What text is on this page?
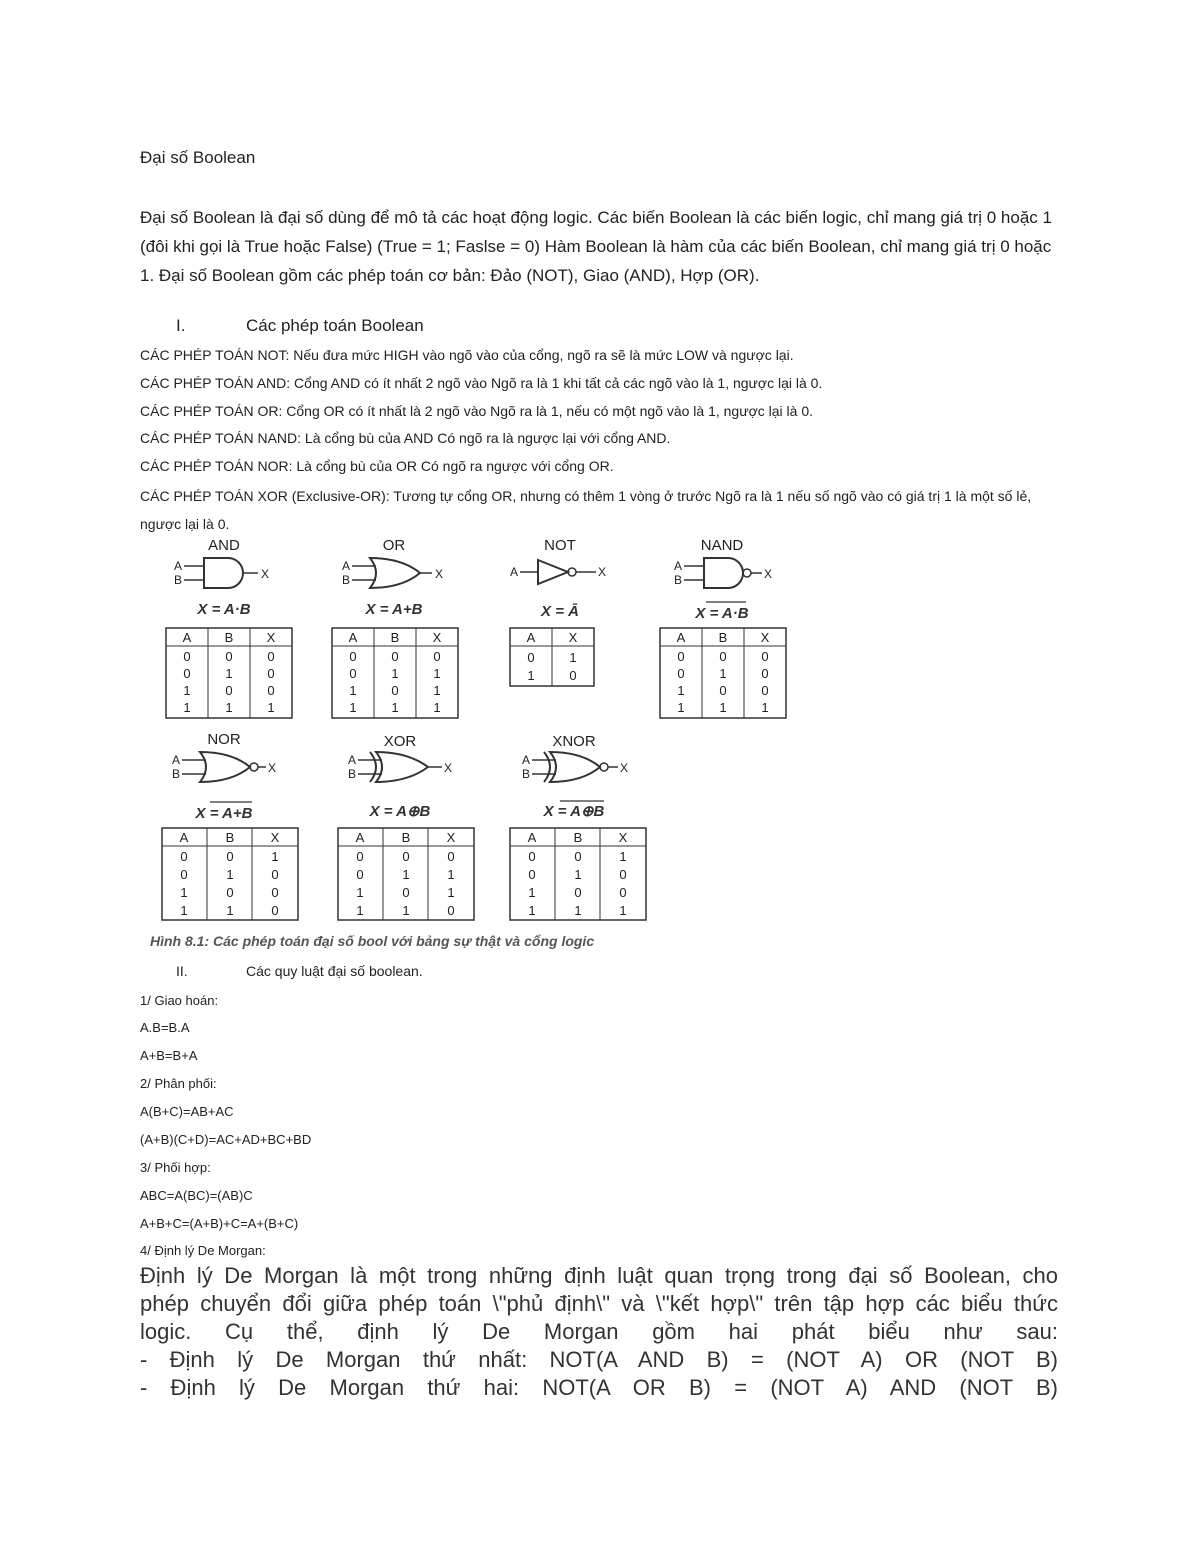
Đại số Boolean
Đại số Boolean là đại số dùng để mô tả các hoạt động logic. Các biến Boolean là các biến logic, chỉ mang giá trị 0 hoặc 1 (đôi khi gọi là True hoặc False) (True = 1; Faslse = 0) Hàm Boolean là hàm của các biến Boolean, chỉ mang giá trị 0 hoặc 1. Đại số Boolean gồm các phép toán cơ bản: Đảo (NOT), Giao (AND), Hợp (OR).
I.	Các phép toán Boolean
CÁC PHÉP TOÁN NOT: Nếu đưa mức HIGH vào ngõ vào của cổng, ngõ ra sẽ là mức LOW và ngược lại.
CÁC PHÉP TOÁN AND: Cổng AND có ít nhất 2 ngõ vào Ngõ ra là 1 khi tất cả các ngõ vào là 1, ngược lại là 0.
CÁC PHÉP TOÁN OR: Cổng OR có ít nhất là 2 ngõ vào Ngõ ra là 1, nếu có một ngõ vào là 1, ngược lại là 0.
CÁC PHÉP TOÁN NAND: Là cổng bù của AND Có ngõ ra là ngược lại với cổng AND.
CÁC PHÉP TOÁN NOR: Là cổng bù của OR Có ngõ ra ngược với cổng OR.
CÁC PHÉP TOÁN XOR (Exclusive-OR): Tương tự cổng OR, nhưng có thêm 1 vòng ở trước Ngõ ra là 1 nếu số ngõ vào có giá trị 1 là một số lẻ, ngược lại là 0.
AND
A
B	X
X = A·B
A	B	X
0	0	0
0	1	0
1	0	0
1	1	1
OR
A
B	X
X = A+B
A	B	X
0	0	0
0	1	1
1	0	1
1	1	1
NOT
A	X
X = Ā
A	X
0	1
1	0
NAND
A
B	X
X = A·B
A	B	X
0	0	0
0	1	0
1	0	0
1	1	1
NOR
A
B	X
X = A+B
A	B	X
0	0	1
0	1	0
1	0	0
1	1	0
XOR
A
B	X
X = A⊕B
A	B	X
0	0	0
0	1	1
1	0	1
1	1	0
XNOR
A
B	X
X = A⊕B
A	B	X
0	0	1
0	1	0
1	0	0
1	1	1
Hình 8.1: Các phép toán đại số bool với bảng sự thật và cổng logic
II.	Các quy luật đại số boolean.
1/ Giao hoán:
A.B=B.A
A+B=B+A
2/ Phân phối:
A(B+C)=AB+AC
(A+B)(C+D)=AC+AD+BC+BD
3/ Phối hợp:
ABC=A(BC)=(AB)C
A+B+C=(A+B)+C=A+(B+C)
4/ Định lý De Morgan:
Định lý De Morgan là một trong những định luật quan trọng trong đại số Boolean, cho
phép chuyển đổi giữa phép toán \"phủ định\" và \"kết hợp\" trên tập hợp các biểu thức
logic. Cụ thể, định lý De Morgan gồm hai phát biểu như sau:
- Định lý De Morgan thứ nhất: NOT(A AND B) = (NOT A) OR (NOT B)
- Định lý De Morgan thứ hai: NOT(A OR B) = (NOT A) AND (NOT B)
